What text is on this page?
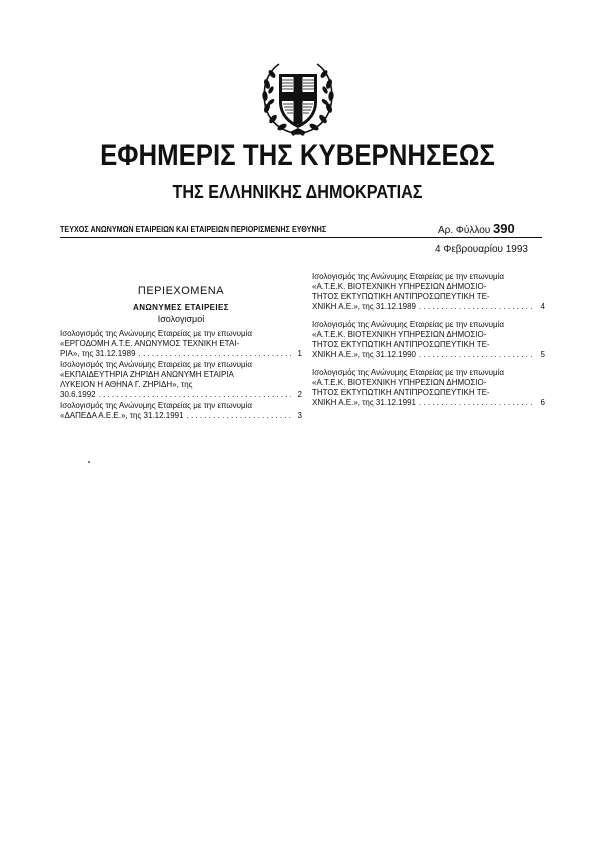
ΕΦΗΜΕΡΙΣ ΤΗΣ ΚΥΒΕΡΝΗΣΕΩΣ
ΤΗΣ ΕΛΛΗΝΙΚΗΣ ΔΗΜΟΚΡΑΤΙΑΣ
ΤΕΥΧΟΣ ΑΝΩΝΥΜΩΝ ΕΤΑΙΡΕΙΩΝ ΚΑΙ ΕΤΑΙΡΕΙΩΝ ΠΕΡΙΟΡΙΣΜΕΝΗΣ ΕΥΘΥΝΗΣ	Αρ. Φύλλου 390
4 Φεβρουαρίου 1993
ΠΕΡΙΕΧΟΜΕΝΑ
ΑΝΩΝΥΜΕΣ ΕΤΑΙΡΕΙΕΣ
Ισολογισμοί
Ισολογισμός της Ανώνυμης Εταιρείας με την επωνυμία
«ΕΡΓΟΔΟΜΗ Α.Τ.Ε. ΑΝΩΝΥΜΟΣ ΤΕΧΝΙΚΗ ΕΤΑΙ-
ΡΙΑ», της 31.12.1989 . . .	1
Ισολογισμός της Ανώνυμης Εταιρείας με την επωνυμία
«ΕΚΠΑΙΔΕΥΤΗΡΙΑ ΖΗΡΙΔΗ ΑΝΩΝΥΜΗ ΕΤΑΙΡΙΑ
ΛΥΚΕΙΟΝ Η ΑΘΗΝΑ Γ. ΖΗΡΙΔΗ», της
30.6.1992 . . .	2
Ισολογισμός της Ανώνυμης Εταιρείας με την επωνυμία
«ΔΑΠΕΔΑ Α.Ε.Ε.», της 31.12.1991 . . .	3
Ισολογισμός της Ανώνυμης Εταιρείας με την επωνυμία
«Α.Τ.Ε.Κ. ΒΙΟΤΕΧΝΙΚΗ ΥΠΗΡΕΣΙΩΝ ΔΗΜΟΣΙΟ-
ΤΗΤΟΣ ΕΚΤΥΠΩΤΙΚΗ ΑΝΤΙΠΡΟΣΩΠΕΥΤΙΚΗ ΤΕ-
ΧΝΙΚΗ Α.Ε.», της 31.12.1989 . . .	4
Ισολογισμός της Ανώνυμης Εταιρείας με την επωνυμία
«Α.Τ.Ε.Κ. ΒΙΟΤΕΧΝΙΚΗ ΥΠΗΡΕΣΙΩΝ ΔΗΜΟΣΙΟ-
ΤΗΤΟΣ ΕΚΤΥΠΩΤΙΚΗ ΑΝΤΙΠΡΟΣΩΠΕΥΤΙΚΗ ΤΕ-
ΧΝΙΚΗ Α.Ε.», της 31.12.1990 . . .	5
Ισολογισμός της Ανώνυμης Εταιρείας με την επωνυμία
«Α.Τ.Ε.Κ. ΒΙΟΤΕΧΝΙΚΗ ΥΠΗΡΕΣΙΩΝ ΔΗΜΟΣΙΟ-
ΤΗΤΟΣ ΕΚΤΥΠΩΤΙΚΗ ΑΝΤΙΠΡΟΣΩΠΕΥΤΙΚΗ ΤΕ-
ΧΝΙΚΗ Α.Ε.», της 31.12.1991 . . .	6
